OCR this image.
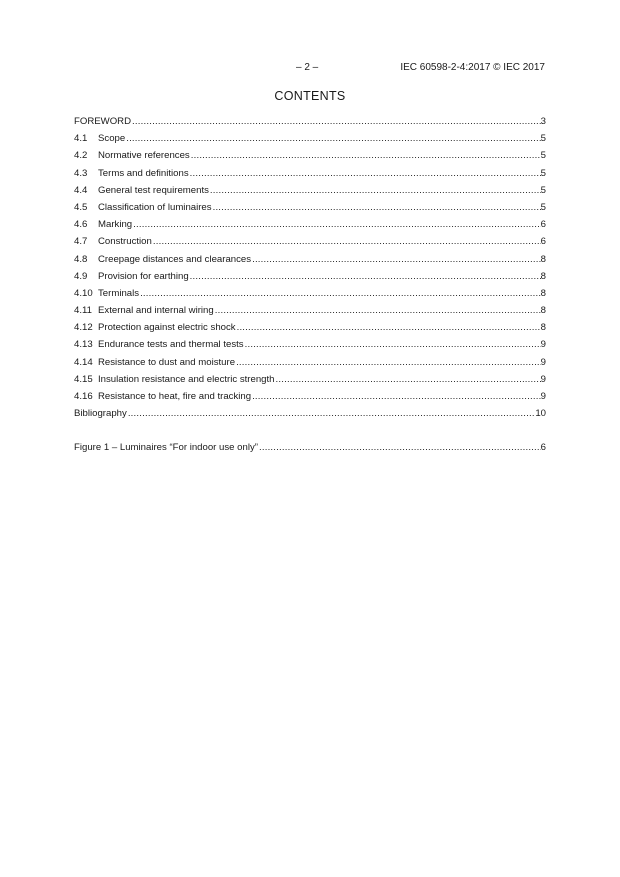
– 2 –	IEC 60598-2-4:2017 © IEC 2017
CONTENTS
FOREWORD .....	3
4.1	Scope .....	5
4.2	Normative references .....	5
4.3	Terms and definitions .....	5
4.4	General test requirements .....	5
4.5	Classification of luminaires .....	5
4.6	Marking .....	6
4.7	Construction .....	6
4.8	Creepage distances and clearances .....	8
4.9	Provision for earthing .....	8
4.10 Terminals .....	8
4.11 External and internal wiring .....	8
4.12 Protection against electric shock .....	8
4.13 Endurance tests and thermal tests .....	9
4.14 Resistance to dust and moisture .....	9
4.15 Insulation resistance and electric strength .....	9
4.16 Resistance to heat, fire and tracking .....	9
Bibliography .....	10
Figure 1 – Luminaires “For indoor use only” .....	6
